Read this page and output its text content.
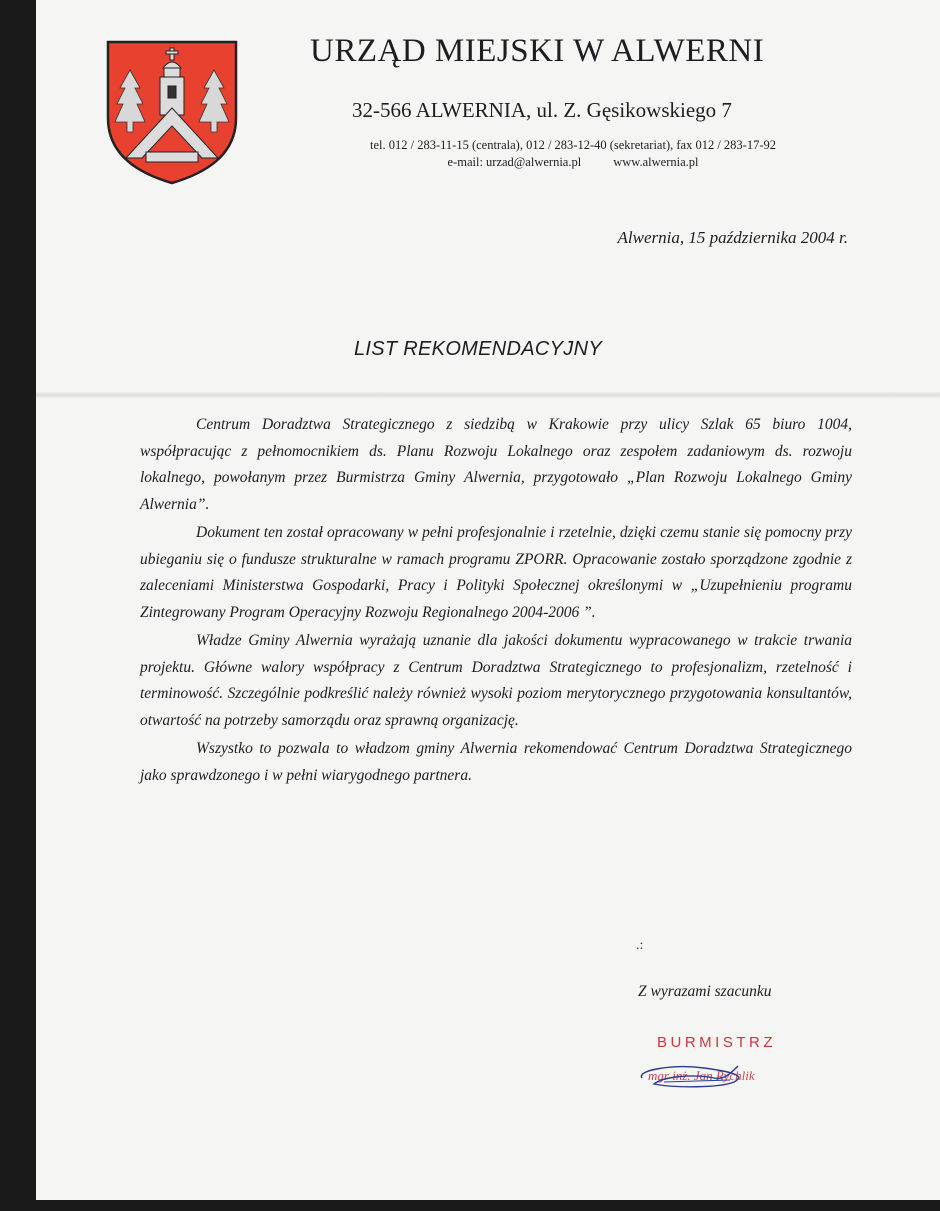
URZĄD MIEJSKI W ALWERNI
32-566 ALWERNIA, ul. Z. Gęsikowskiego 7
tel. 012 / 283-11-15 (centrala), 012 / 283-12-40 (sekretariat), fax 012 / 283-17-92
e-mail: urzad@alwernia.pl	www.alwernia.pl
Alwernia, 15 października 2004 r.
LIST REKOMENDACYJNY

Centrum Doradztwa Strategicznego z siedzibą w Krakowie przy ulicy Szlak 65 biuro 1004, współpracując z pełnomocnikiem ds. Planu Rozwoju Lokalnego oraz zespołem zadaniowym ds. rozwoju lokalnego, powołanym przez Burmistrza Gminy Alwernia, przygotowało „Plan Rozwoju Lokalnego Gminy Alwernia”.

Dokument ten został opracowany w pełni profesjonalnie i rzetelnie, dzięki czemu stanie się pomocny przy ubieganiu się o fundusze strukturalne w ramach programu ZPORR. Opracowanie zostało sporządzone zgodnie z zaleceniami Ministerstwa Gospodarki, Pracy i Polityki Społecznej określonymi w „Uzupełnieniu programu Zintegrowany Program Operacyjny Rozwoju Regionalnego 2004-2006 ”.

Władze Gminy Alwernia wyrażają uznanie dla jakości dokumentu wypracowanego w trakcie trwania projektu. Główne walory współpracy z Centrum Doradztwa Strategicznego to profesjonalizm, rzetelność i terminowość. Szczególnie podkreślić należy również wysoki poziom merytorycznego przygotowania konsultantów, otwartość na potrzeby samorządu oraz sprawną organizację.

Wszystko to pozwala to władzom gminy Alwernia rekomendować Centrum Doradztwa Strategicznego jako sprawdzonego i w pełni wiarygodnego partnera.

.:
Z wyrazami szacunku
BURMISTRZ
mgr inż. Jan Rychlik
